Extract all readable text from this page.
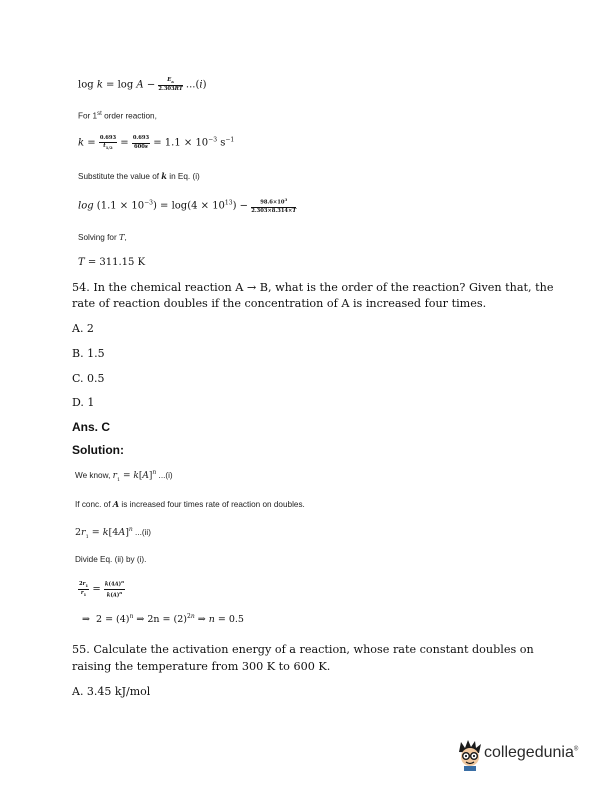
$\log k = \log A - \frac{E_a}{2.303RT} ...(i)$
For 1st order reaction,
$k = \frac{0.693}{t_{1/2}} = \frac{0.693}{600s} = 1.1 \times 10^{-3}$ $s^{-1}$
Substitute the value of k in Eq. (i)
$\log (1.1 \times 10^{-3}) = \log(4 \times 10^{13}) - \frac{98.6\times 10^3}{2.303\times 8.314\times T}$
Solving for T,
T = 311.15 K
54. In the chemical reaction A → B, what is the order of the reaction? Given that, the
rate of reaction doubles if the concentration of A is increased four times.
A. 2
B. 1.5
C. 0.5
D. 1
Ans. C
Solution:
We know, $r_1 = k[A]^n$ ...(i)
If conc. of A is increased four times rate of reaction on doubles.
$2r_1 = k[4A]^n$ ...(ii)
Divide Eq. (ii) by (i).
$\frac{2r_1}{r_1} = \frac{k(4A)^n}{k(A)^n}$
⇒  $2 = (4)^n$ ⇒ $2n = (2)^{2n}$ ⇒ n = 0.5
55. Calculate the activation energy of a reaction, whose rate constant doubles on
raising the temperature from 300 K to 600 K.
A. 3.45 kJ/mol
collegedunia®
